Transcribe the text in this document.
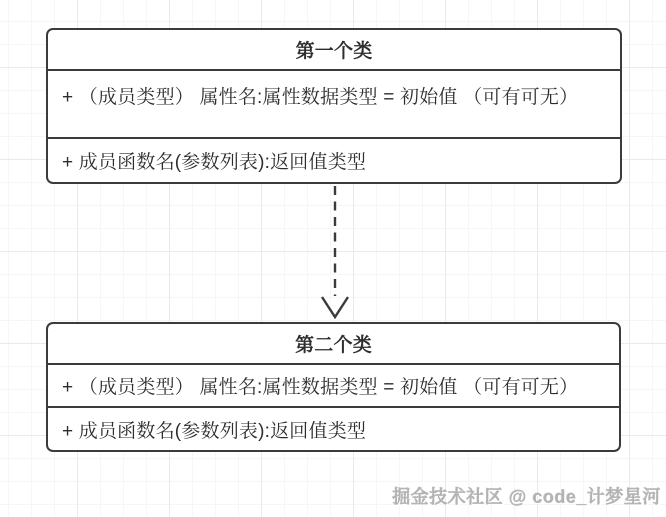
第一个类
+ （成员类型） 属性名:属性数据类型 = 初始值 （可有可无）
+ 成员函数名(参数列表):返回值类型
第二个类
+ （成员类型） 属性名:属性数据类型 = 初始值 （可有可无）
+ 成员函数名(参数列表):返回值类型
掘金技术社区 @ code_计梦星河
